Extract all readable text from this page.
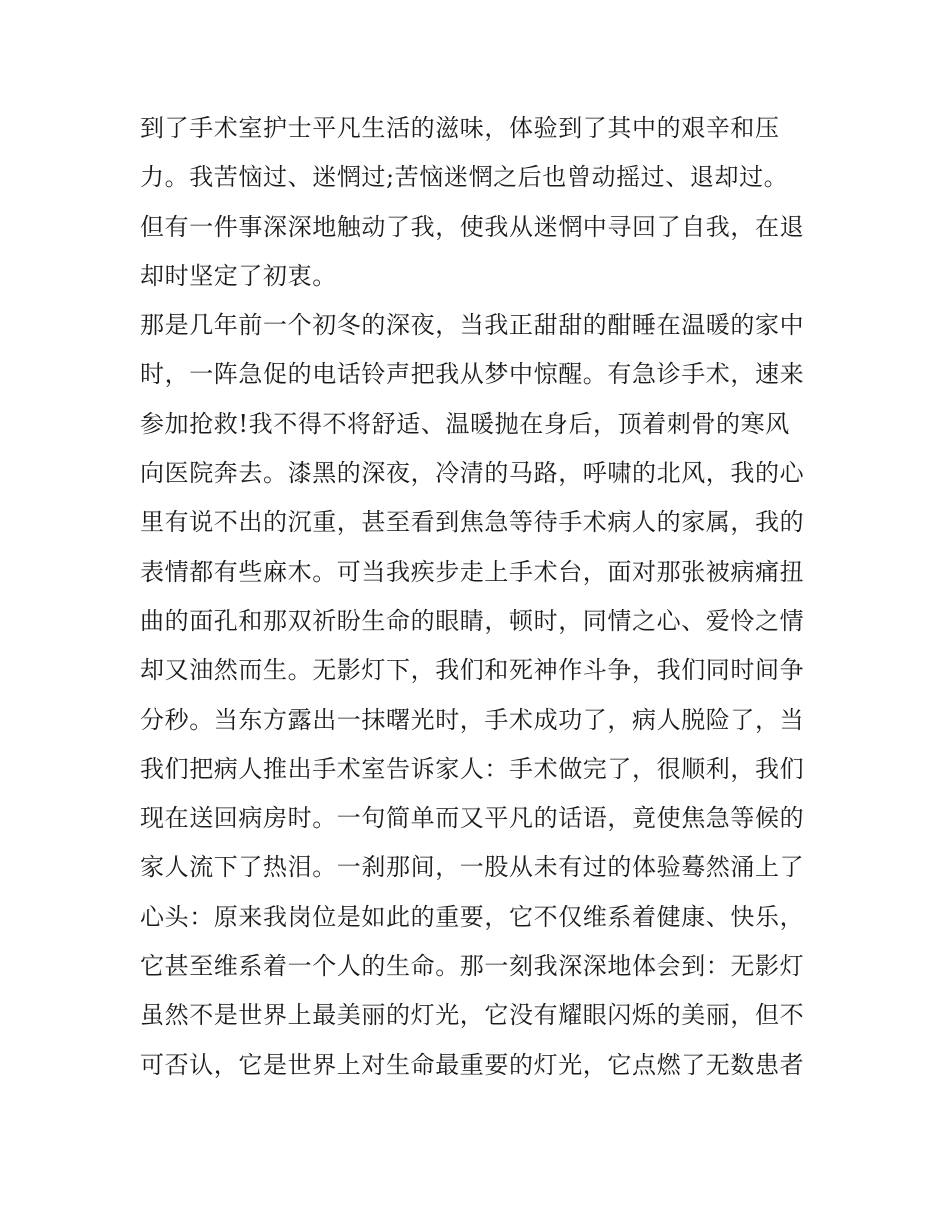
到了手术室护士平凡生活的滋味，体验到了其中的艰辛和压
力。我苦恼过、迷惘过;苦恼迷惘之后也曾动摇过、退却过。
但有一件事深深地触动了我，使我从迷惘中寻回了自我，在退
却时坚定了初衷。
那是几年前一个初冬的深夜，当我正甜甜的酣睡在温暖的家中
时，一阵急促的电话铃声把我从梦中惊醒。有急诊手术，速来
参加抢救!我不得不将舒适、温暖抛在身后，顶着刺骨的寒风
向医院奔去。漆黑的深夜，冷清的马路，呼啸的北风，我的心
里有说不出的沉重，甚至看到焦急等待手术病人的家属，我的
表情都有些麻木。可当我疾步走上手术台，面对那张被病痛扭
曲的面孔和那双祈盼生命的眼睛，顿时，同情之心、爱怜之情
却又油然而生。无影灯下，我们和死神作斗争，我们同时间争
分秒。当东方露出一抹曙光时，手术成功了，病人脱险了，当
我们把病人推出手术室告诉家人：手术做完了，很顺利，我们
现在送回病房时。一句简单而又平凡的话语，竟使焦急等候的
家人流下了热泪。一刹那间，一股从未有过的体验蓦然涌上了
心头：原来我岗位是如此的重要，它不仅维系着健康、快乐，
它甚至维系着一个人的生命。那一刻我深深地体会到：无影灯
虽然不是世界上最美丽的灯光，它没有耀眼闪烁的美丽，但不
可否认，它是世界上对生命最重要的灯光，它点燃了无数患者
